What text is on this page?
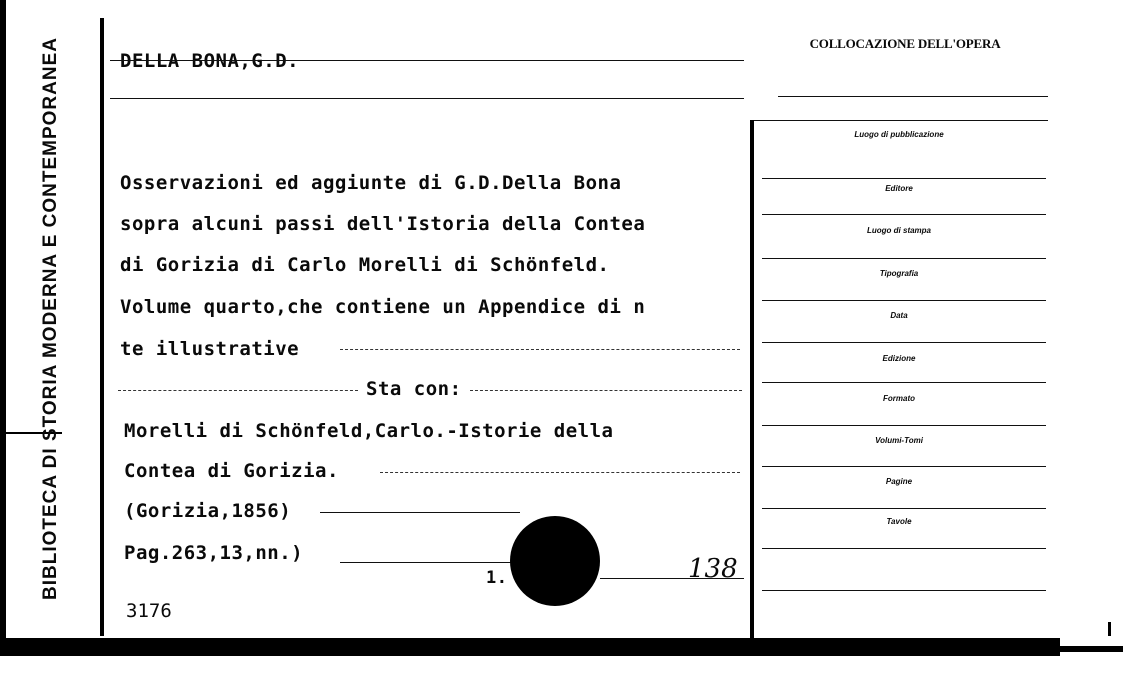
BIBLIOTECA DI STORIA MODERNA E CONTEMPORANEA	DELLA BONA,G.D.
Osservazioni ed aggiunte di G.D.Della Bona
sopra alcuni passi dell'Istoria della Contea
di Gorizia di Carlo Morelli di Schönfeld.
Volume quarto,che contiene un Appendice di n
te illustrative
Sta con:
Morelli di Schönfeld,Carlo.-Istorie della
Contea di Gorizia.
(Gorizia,1856)
Pag.263,13,nn.)
1.	138
3176
COLLOCAZIONE DELL'OPERA
Luogo di pubblicazione
Editore
Luogo di stampa
Tipografia
Data
Edizione
Formato
Volumi-Tomi
Pagine
Tavole
